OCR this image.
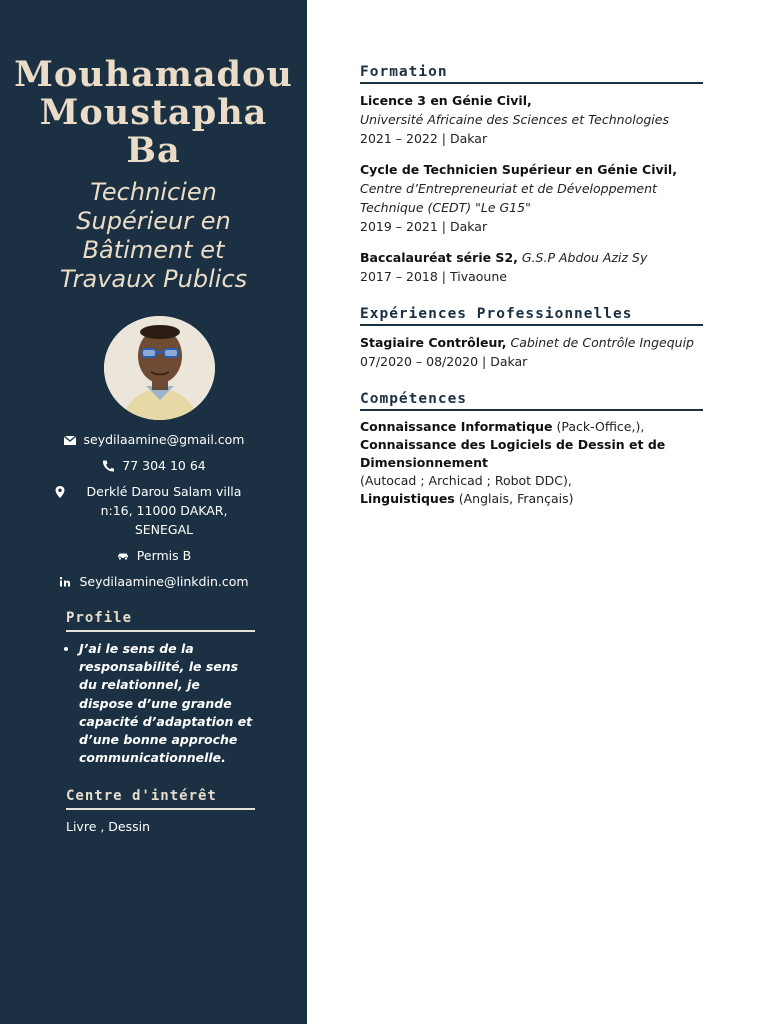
Mouhamadou
Moustapha
Ba
Technicien
Supérieur en
Bâtiment et
Travaux Publics
seydilaamine@gmail.com
77 304 10 64
Derklé Darou Salam villa n:16, 11000 DAKAR, SENEGAL
Permis B
Seydilaamine@linkdin.com
Profile
• J’ai le sens de la responsabilité, le sens du relationnel, je dispose d’une grande capacité d’adaptation et d’une bonne approche communicationnelle.
Centre d'intérêt
Livre , Dessin
Formation
Licence 3 en Génie Civil,
Université Africaine des Sciences et Technologies
2021 – 2022 | Dakar
Cycle de Technicien Supérieur en Génie Civil, Centre d’Entrepreneuriat et de Développement Technique (CEDT) "Le G15"
2019 – 2021 | Dakar
Baccalauréat série S2, G.S.P Abdou Aziz Sy
2017 – 2018 | Tivaoune
Expériences Professionnelles
Stagiaire Contrôleur, Cabinet de Contrôle Ingequip
07/2020 – 08/2020 | Dakar
Compétences
Connaissance Informatique (Pack-Office,),
Connaissance des Logiciels de Dessin et de Dimensionnement
(Autocad ; Archicad ; Robot DDC),
Linguistiques (Anglais, Français)
